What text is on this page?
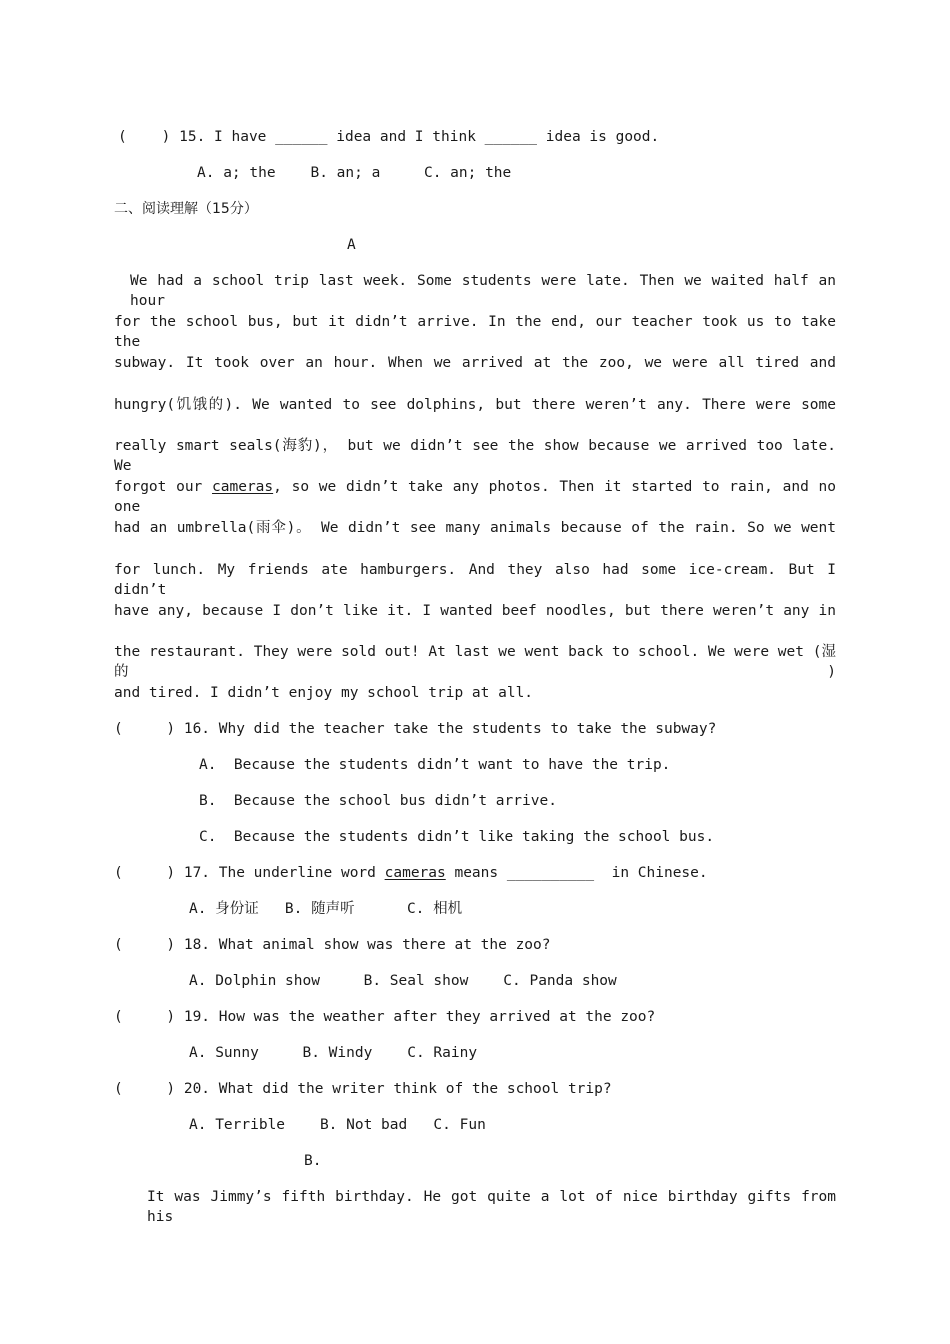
(    ) 15. I have ______ idea and I think ______ idea is good.
A. a; the    B. an; a     C. an; the
二、阅读理解（15分）
A
We had a school trip last week. Some students were late. Then we waited half an hour
for the school bus, but it didn’t arrive. In the end, our teacher took us to take the
subway. It took over an hour. When we arrived at the zoo, we were all tired and
hungry(饥饿的). We wanted to see dolphins, but there weren’t any. There were some
really smart seals(海豹)， but we didn’t see the show because we arrived too late. We
forgot our cameras, so we didn’t take any photos. Then it started to rain, and no one
had an umbrella(雨伞)。 We didn’t see many animals because of the rain. So we went
for lunch. My friends ate hamburgers. And they also had some ice-cream. But I didn’t
have any, because I don’t like it. I wanted beef noodles, but there weren’t any in
the restaurant. They were sold out! At last we went back to school. We were wet (湿的)
and tired. I didn’t enjoy my school trip at all.
(     ) 16. Why did the teacher take the students to take the subway?
A.  Because the students didn’t want to have the trip.
B.  Because the school bus didn’t arrive.
C.  Because the students didn’t like taking the school bus.
(     ) 17. The underline word cameras means __________  in Chinese.
A. 身份证   B. 随声听      C. 相机
(     ) 18. What animal show was there at the zoo?
A. Dolphin show     B. Seal show    C. Panda show
(     ) 19. How was the weather after they arrived at the zoo?
A. Sunny     B. Windy    C. Rainy
(     ) 20. What did the writer think of the school trip?
A. Terrible    B. Not bad   C. Fun
B.
It was Jimmy’s fifth birthday. He got quite a lot of nice birthday gifts from his
